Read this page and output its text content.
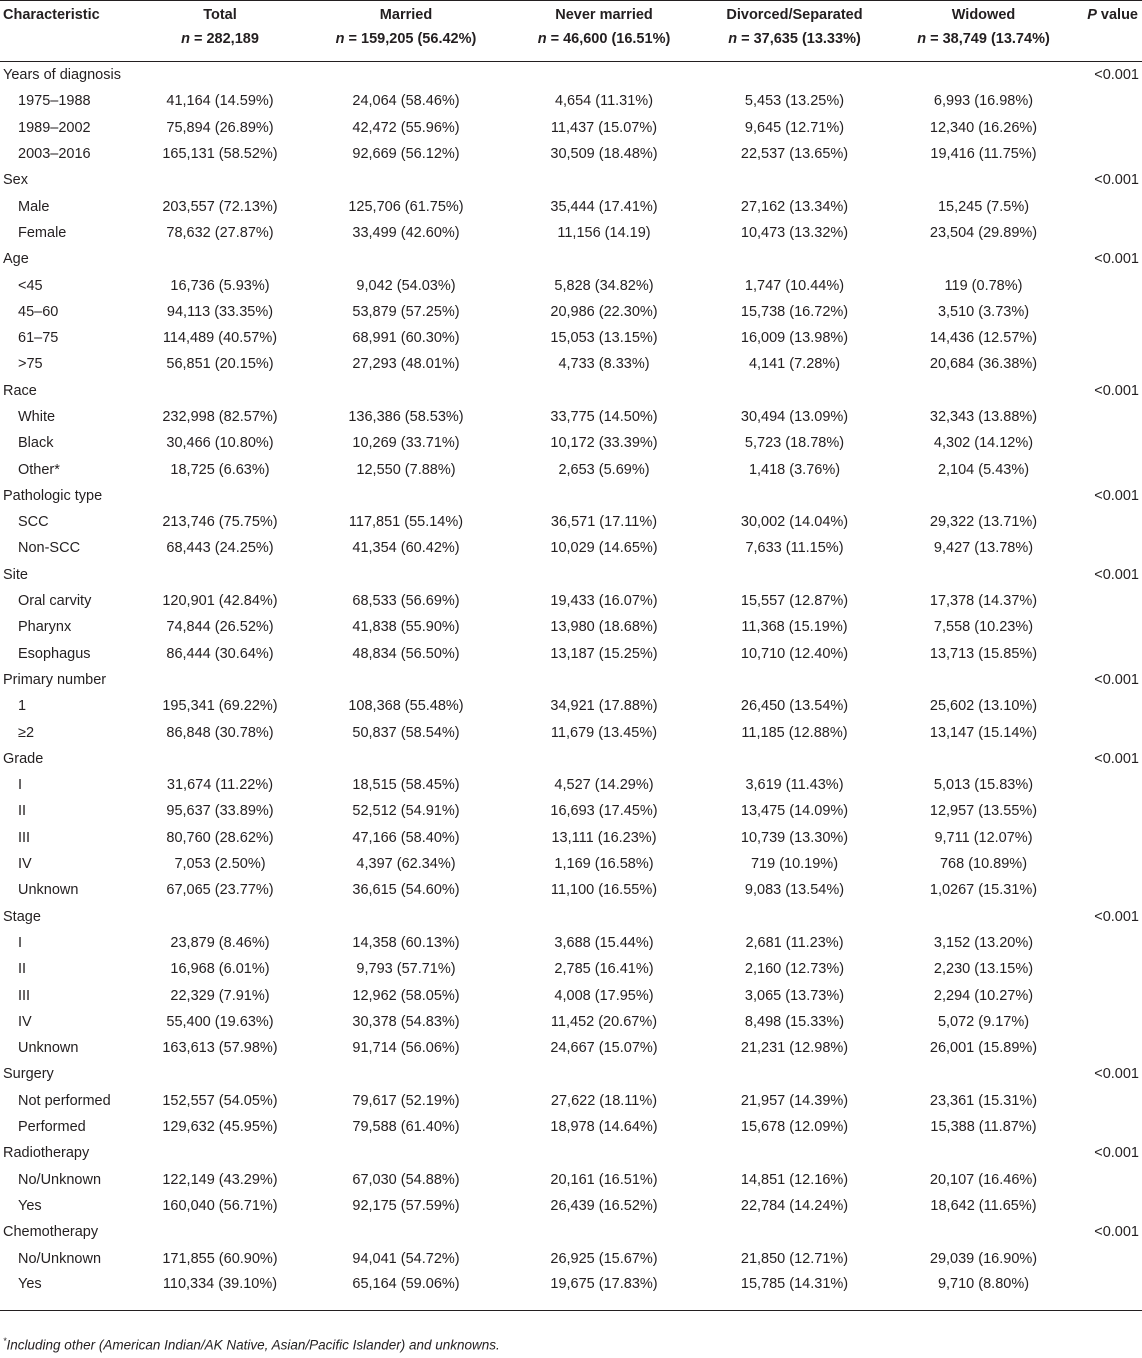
Characteristic	Total	Married	Never married	Divorced/Separated	Widowed	P value
	n = 282,189	n = 159,205 (56.42%)	n = 46,600 (16.51%)	n = 37,635 (13.33%)	n = 38,749 (13.74%)	
Years of diagnosis						<0.001
1975–1988	41,164 (14.59%)	24,064 (58.46%)	4,654 (11.31%)	5,453 (13.25%)	6,993 (16.98%)	
1989–2002	75,894 (26.89%)	42,472 (55.96%)	11,437 (15.07%)	9,645 (12.71%)	12,340 (16.26%)	
2003–2016	165,131 (58.52%)	92,669 (56.12%)	30,509 (18.48%)	22,537 (13.65%)	19,416 (11.75%)	
Sex						<0.001
Male	203,557 (72.13%)	125,706 (61.75%)	35,444 (17.41%)	27,162 (13.34%)	15,245 (7.5%)	
Female	78,632 (27.87%)	33,499 (42.60%)	11,156 (14.19)	10,473 (13.32%)	23,504 (29.89%)	
Age						<0.001
<45	16,736 (5.93%)	9,042 (54.03%)	5,828 (34.82%)	1,747 (10.44%)	119 (0.78%)	
45–60	94,113 (33.35%)	53,879 (57.25%)	20,986 (22.30%)	15,738 (16.72%)	3,510 (3.73%)	
61–75	114,489 (40.57%)	68,991 (60.30%)	15,053 (13.15%)	16,009 (13.98%)	14,436 (12.57%)	
>75	56,851 (20.15%)	27,293 (48.01%)	4,733 (8.33%)	4,141 (7.28%)	20,684 (36.38%)	
Race						<0.001
White	232,998 (82.57%)	136,386 (58.53%)	33,775 (14.50%)	30,494 (13.09%)	32,343 (13.88%)	
Black	30,466 (10.80%)	10,269 (33.71%)	10,172 (33.39%)	5,723 (18.78%)	4,302 (14.12%)	
Other*	18,725 (6.63%)	12,550 (7.88%)	2,653 (5.69%)	1,418 (3.76%)	2,104 (5.43%)	
Pathologic type						<0.001
SCC	213,746 (75.75%)	117,851 (55.14%)	36,571 (17.11%)	30,002 (14.04%)	29,322 (13.71%)	
Non-SCC	68,443 (24.25%)	41,354 (60.42%)	10,029 (14.65%)	7,633 (11.15%)	9,427 (13.78%)	
Site						<0.001
Oral carvity	120,901 (42.84%)	68,533 (56.69%)	19,433 (16.07%)	15,557 (12.87%)	17,378 (14.37%)	
Pharynx	74,844 (26.52%)	41,838 (55.90%)	13,980 (18.68%)	11,368 (15.19%)	7,558 (10.23%)	
Esophagus	86,444 (30.64%)	48,834 (56.50%)	13,187 (15.25%)	10,710 (12.40%)	13,713 (15.85%)	
Primary number						<0.001
1	195,341 (69.22%)	108,368 (55.48%)	34,921 (17.88%)	26,450 (13.54%)	25,602 (13.10%)	
≥2	86,848 (30.78%)	50,837 (58.54%)	11,679 (13.45%)	11,185 (12.88%)	13,147 (15.14%)	
Grade						<0.001
I	31,674 (11.22%)	18,515 (58.45%)	4,527 (14.29%)	3,619 (11.43%)	5,013 (15.83%)	
II	95,637 (33.89%)	52,512 (54.91%)	16,693 (17.45%)	13,475 (14.09%)	12,957 (13.55%)	
III	80,760 (28.62%)	47,166 (58.40%)	13,111 (16.23%)	10,739 (13.30%)	9,711 (12.07%)	
IV	7,053 (2.50%)	4,397 (62.34%)	1,169 (16.58%)	719 (10.19%)	768 (10.89%)	
Unknown	67,065 (23.77%)	36,615 (54.60%)	11,100 (16.55%)	9,083 (13.54%)	1,0267 (15.31%)	
Stage						<0.001
I	23,879 (8.46%)	14,358 (60.13%)	3,688 (15.44%)	2,681 (11.23%)	3,152 (13.20%)	
II	16,968 (6.01%)	9,793 (57.71%)	2,785 (16.41%)	2,160 (12.73%)	2,230 (13.15%)	
III	22,329 (7.91%)	12,962 (58.05%)	4,008 (17.95%)	3,065 (13.73%)	2,294 (10.27%)	
IV	55,400 (19.63%)	30,378 (54.83%)	11,452 (20.67%)	8,498 (15.33%)	5,072 (9.17%)	
Unknown	163,613 (57.98%)	91,714 (56.06%)	24,667 (15.07%)	21,231 (12.98%)	26,001 (15.89%)	
Surgery						<0.001
Not performed	152,557 (54.05%)	79,617 (52.19%)	27,622 (18.11%)	21,957 (14.39%)	23,361 (15.31%)	
Performed	129,632 (45.95%)	79,588 (61.40%)	18,978 (14.64%)	15,678 (12.09%)	15,388 (11.87%)	
Radiotherapy						<0.001
No/Unknown	122,149 (43.29%)	67,030 (54.88%)	20,161 (16.51%)	14,851 (12.16%)	20,107 (16.46%)	
Yes	160,040 (56.71%)	92,175 (57.59%)	26,439 (16.52%)	22,784 (14.24%)	18,642 (11.65%)	
Chemotherapy						<0.001
No/Unknown	171,855 (60.90%)	94,041 (54.72%)	26,925 (15.67%)	21,850 (12.71%)	29,039 (16.90%)	
Yes	110,334 (39.10%)	65,164 (59.06%)	19,675 (17.83%)	15,785 (14.31%)	9,710 (8.80%)	
*Including other (American Indian/AK Native, Asian/Pacific Islander) and unknowns.
